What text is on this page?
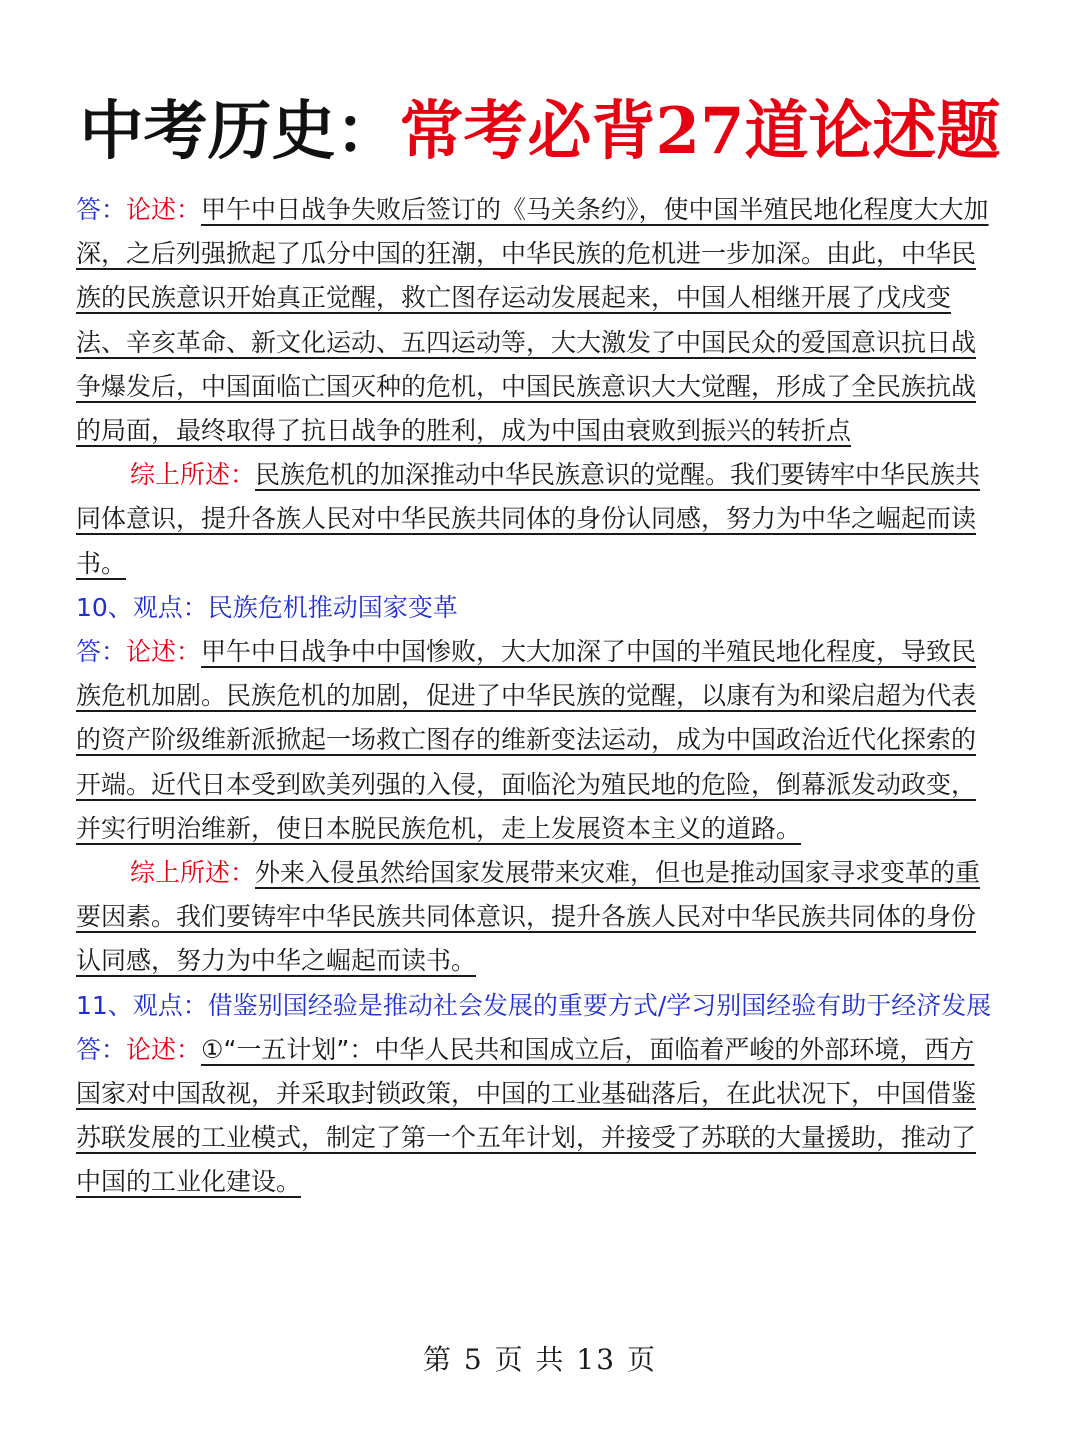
中考历史：常考必背27道论述题

答：论述：甲午中日战争失败后签订的《马关条约》，使中国半殖民地化程度大大加深，之后列强掀起了瓜分中国的狂潮，中华民族的危机进一步加深。由此，中华民族的民族意识开始真正觉醒，救亡图存运动发展起来，中国人相继开展了戊戌变法、辛亥革命、新文化运动、五四运动等，大大激发了中国民众的爱国意识抗日战争爆发后，中国面临亡国灭种的危机，中国民族意识大大觉醒，形成了全民族抗战的局面，最终取得了抗日战争的胜利，成为中国由衰败到振兴的转折点

综上所述：民族危机的加深推动中华民族意识的觉醒。我们要铸牢中华民族共同体意识，提升各族人民对中华民族共同体的身份认同感，努力为中华之崛起而读书。

10、观点：民族危机推动国家变革

答：论述：甲午中日战争中中国惨败，大大加深了中国的半殖民地化程度，导致民族危机加剧。民族危机的加剧，促进了中华民族的觉醒，以康有为和梁启超为代表的资产阶级维新派掀起一场救亡图存的维新变法运动，成为中国政治近代化探索的开端。近代日本受到欧美列强的入侵，面临沦为殖民地的危险，倒幕派发动政变，并实行明治维新，使日本脱民族危机，走上发展资本主义的道路。

综上所述：外来入侵虽然给国家发展带来灾难，但也是推动国家寻求变革的重要因素。我们要铸牢中华民族共同体意识，提升各族人民对中华民族共同体的身份认同感，努力为中华之崛起而读书。

11、观点：借鉴别国经验是推动社会发展的重要方式/学习别国经验有助于经济发展

答：论述：①“一五计划”：中华人民共和国成立后，面临着严峻的外部环境，西方国家对中国敌视，并采取封锁政策，中国的工业基础落后，在此状况下，中国借鉴苏联发展的工业模式，制定了第一个五年计划，并接受了苏联的大量援助，推动了中国的工业化建设。

第 5 页 共 13 页
